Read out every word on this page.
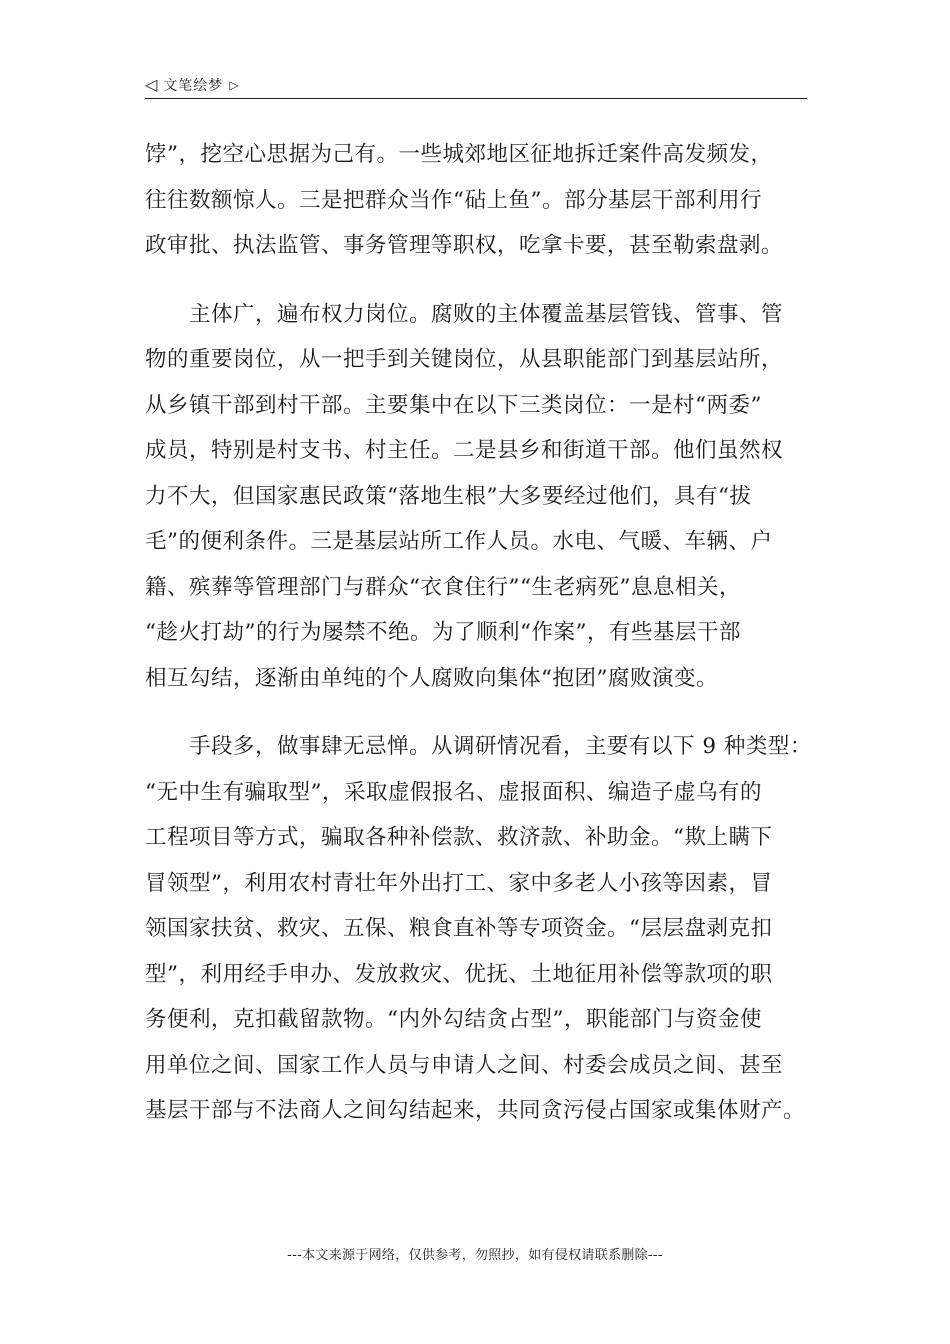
◁ 文笔绘梦 ▷

饽”，挖空心思据为己有。一些城郊地区征地拆迁案件高发频发，
往往数额惊人。三是把群众当作“砧上鱼”。部分基层干部利用行
政审批、执法监管、事务管理等职权，吃拿卡要，甚至勒索盘剥。

主体广，遍布权力岗位。腐败的主体覆盖基层管钱、管事、管
物的重要岗位，从一把手到关键岗位，从县职能部门到基层站所，
从乡镇干部到村干部。主要集中在以下三类岗位：一是村“两委”
成员，特别是村支书、村主任。二是县乡和街道干部。他们虽然权
力不大，但国家惠民政策“落地生根”大多要经过他们，具有“拔
毛”的便利条件。三是基层站所工作人员。水电、气暖、车辆、户
籍、殡葬等管理部门与群众“衣食住行”“生老病死”息息相关，
“趁火打劫”的行为屡禁不绝。为了顺利“作案”，有些基层干部
相互勾结，逐渐由单纯的个人腐败向集体“抱团”腐败演变。

手段多，做事肆无忌惮。从调研情况看，主要有以下 9 种类型：
“无中生有骗取型”，采取虚假报名、虚报面积、编造子虚乌有的
工程项目等方式，骗取各种补偿款、救济款、补助金。“欺上瞒下
冒领型”，利用农村青壮年外出打工、家中多老人小孩等因素，冒
领国家扶贫、救灾、五保、粮食直补等专项资金。“层层盘剥克扣
型”，利用经手申办、发放救灾、优抚、土地征用补偿等款项的职
务便利，克扣截留款物。“内外勾结贪占型”，职能部门与资金使
用单位之间、国家工作人员与申请人之间、村委会成员之间、甚至
基层干部与不法商人之间勾结起来，共同贪污侵占国家或集体财产。

---本文来源于网络，仅供参考，勿照抄，如有侵权请联系删除---
